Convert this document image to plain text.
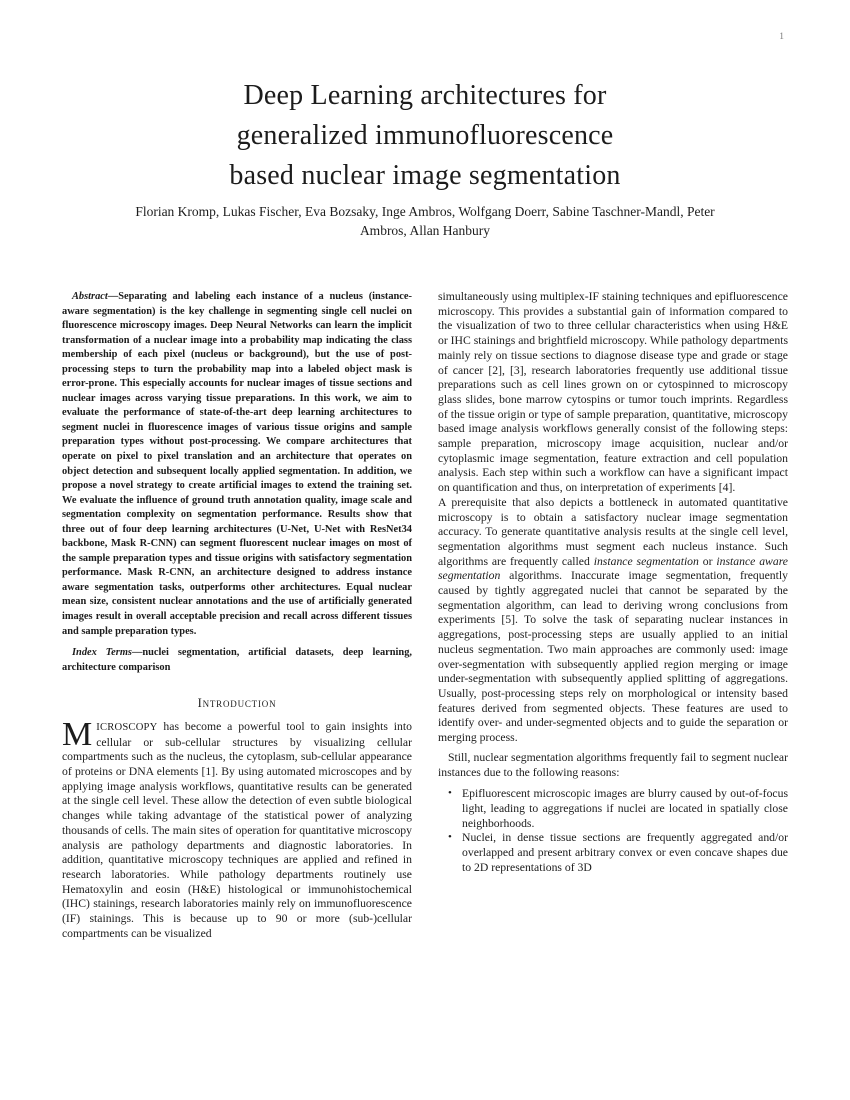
1
Deep Learning architectures for
generalized immunofluorescence
based nuclear image segmentation
Florian Kromp, Lukas Fischer, Eva Bozsaky, Inge Ambros, Wolfgang Doerr, Sabine Taschner-Mandl, Peter
Ambros, Allan Hanbury

Abstract—Separating and labeling each instance of a nucleus (instance-aware segmentation) is the key challenge in segmenting single cell nuclei on fluorescence microscopy images. Deep Neural Networks can learn the implicit transformation of a nuclear image into a probability map indicating the class membership of each pixel (nucleus or background), but the use of post-processing steps to turn the probability map into a labeled object mask is error-prone. This especially accounts for nuclear images of tissue sections and nuclear images across varying tissue preparations. In this work, we aim to evaluate the performance of state-of-the-art deep learning architectures to segment nuclei in fluorescence images of various tissue origins and sample preparation types without post-processing. We compare architectures that operate on pixel to pixel translation and an architecture that operates on object detection and subsequent locally applied segmentation. In addition, we propose a novel strategy to create artificial images to extend the training set. We evaluate the influence of ground truth annotation quality, image scale and segmentation complexity on segmentation performance. Results show that three out of four deep learning architectures (U-Net, U-Net with ResNet34 backbone, Mask R-CNN) can segment fluorescent nuclear images on most of the sample preparation types and tissue origins with satisfactory segmentation performance. Mask R-CNN, an architecture designed to address instance aware segmentation tasks, outperforms other architectures. Equal nuclear mean size, consistent nuclear annotations and the use of artificially generated images result in overall acceptable precision and recall across different tissues and sample preparation types.

Index Terms—nuclei segmentation, artificial datasets, deep learning, architecture comparison

Introduction

MICROSCOPY has become a powerful tool to gain insights into cellular or sub-cellular structures by visualizing cellular compartments such as the nucleus, the cytoplasm, sub-cellular appearance of proteins or DNA elements [1]. By using automated microscopes and by applying image analysis workflows, quantitative results can be generated at the single cell level. These allow the detection of even subtle biological changes while taking advantage of the statistical power of analyzing thousands of cells. The main sites of operation for quantitative microscopy analysis are pathology departments and diagnostic laboratories. In addition, quantitative microscopy techniques are applied and refined in research laboratories. While pathology departments routinely use Hematoxylin and eosin (H&E) histological or immunohistochemical (IHC) stainings, research laboratories mainly rely on immunofluorescence (IF) stainings. This is because up to 90 or more (sub-)cellular compartments can be visualized

simultaneously using multiplex-IF staining techniques and epifluorescence microscopy. This provides a substantial gain of information compared to the visualization of two to three cellular characteristics when using H&E or IHC stainings and brightfield microscopy. While pathology departments mainly rely on tissue sections to diagnose disease type and grade or stage of cancer [2], [3], research laboratories frequently use additional tissue preparations such as cell lines grown on or cytospinned to microscopy glass slides, bone marrow cytospins or tumor touch imprints. Regardless of the tissue origin or type of sample preparation, quantitative, microscopy based image analysis workflows generally consist of the following steps: sample preparation, microscopy image acquisition, nuclear and/or cytoplasmic image segmentation, feature extraction and cell population analysis. Each step within such a workflow can have a significant impact on quantification and thus, on interpretation of experiments [4].

A prerequisite that also depicts a bottleneck in automated quantitative microscopy is to obtain a satisfactory nuclear image segmentation accuracy. To generate quantitative analysis results at the single cell level, segmentation algorithms must segment each nucleus instance. Such algorithms are frequently called instance segmentation or instance aware segmentation algorithms. Inaccurate image segmentation, frequently caused by tightly aggregated nuclei that cannot be separated by the segmentation algorithm, can lead to deriving wrong conclusions from experiments [5]. To solve the task of separating nuclear instances in aggregations, post-processing steps are usually applied to an initial nucleus segmentation. Two main approaches are commonly used: image over-segmentation with subsequently applied region merging or image under-segmentation with subsequently applied splitting of aggregations. Usually, post-processing steps rely on morphological or intensity based features derived from segmented objects. These features are used to identify over- and under-segmented objects and to guide the separation or merging process.

Still, nuclear segmentation algorithms frequently fail to segment nuclear instances due to the following reasons:

• Epifluorescent microscopic images are blurry caused by out-of-focus light, leading to aggregations if nuclei are located in spatially close neighborhoods.
• Nuclei, in dense tissue sections are frequently aggregated and/or overlapped and present arbitrary convex or even concave shapes due to 2D representations of 3D
